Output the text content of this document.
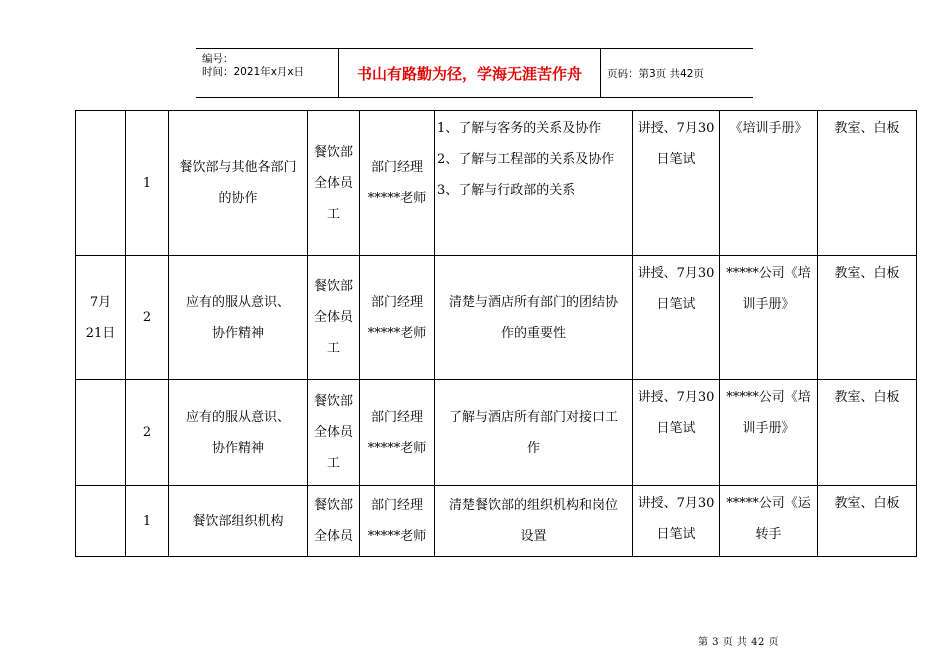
编号：
时间：2021年x月x日	书山有路勤为径，学海无涯苦作舟	页码：第3页 共42页
	1	餐饮部与其他各部门的协作	餐饮部全体员工	部门经理*****老师	1、了解与客务的关系及协作
2、了解与工程部的关系及协作
3、了解与行政部的关系	讲授、7月30日笔试	《培训手册》	教室、白板

7月21日	2	应有的服从意识、协作精神	餐饮部全体员工	部门经理*****老师	清楚与酒店所有部门的团结协作的重要性	讲授、7月30日笔试	*****公司《培训手册》	教室、白板

	2	应有的服从意识、协作精神	餐饮部全体员工	部门经理*****老师	了解与酒店所有部门对接口工作	讲授、7月30日笔试	*****公司《培训手册》	教室、白板

	1	餐饮部组织机构	餐饮部全体员	部门经理*****老师	清楚餐饮部的组织机构和岗位设置	讲授、7月30日笔试	*****公司《运转手	教室、白板
第 3 页 共 42 页
